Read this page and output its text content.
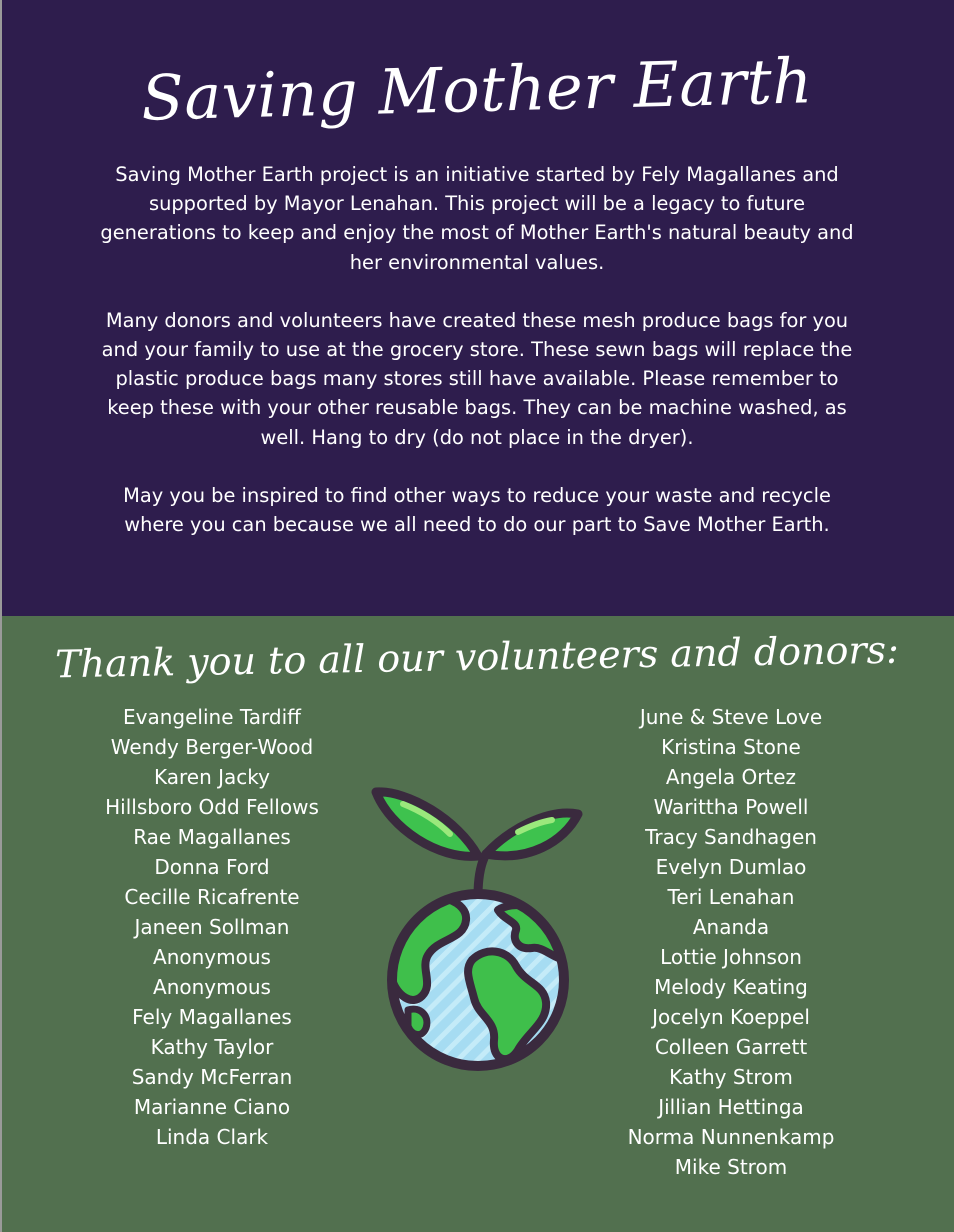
Saving Mother Earth

Saving Mother Earth project is an initiative started by Fely Magallanes and supported by Mayor Lenahan. This project will be a legacy to future generations to keep and enjoy the most of Mother Earth's natural beauty and her environmental values.

Many donors and volunteers have created these mesh produce bags for you and your family to use at the grocery store. These sewn bags will replace the plastic produce bags many stores still have available. Please remember to keep these with your other reusable bags. They can be machine washed, as well. Hang to dry (do not place in the dryer).

May you be inspired to find other ways to reduce your waste and recycle where you can because we all need to do our part to Save Mother Earth.

Thank you to all our volunteers and donors:
Evangeline Tardiff
Wendy Berger-Wood
Karen Jacky
Hillsboro Odd Fellows
Rae Magallanes
Donna Ford
Cecille Ricafrente
Janeen Sollman
Anonymous
Anonymous
Fely Magallanes
Kathy Taylor
Sandy McFerran
Marianne Ciano
Linda Clark
June & Steve Love
Kristina Stone
Angela Ortez
Warittha Powell
Tracy Sandhagen
Evelyn Dumlao
Teri Lenahan
Ananda
Lottie Johnson
Melody Keating
Jocelyn Koeppel
Colleen Garrett
Kathy Strom
Jillian Hettinga
Norma Nunnenkamp
Mike Strom
